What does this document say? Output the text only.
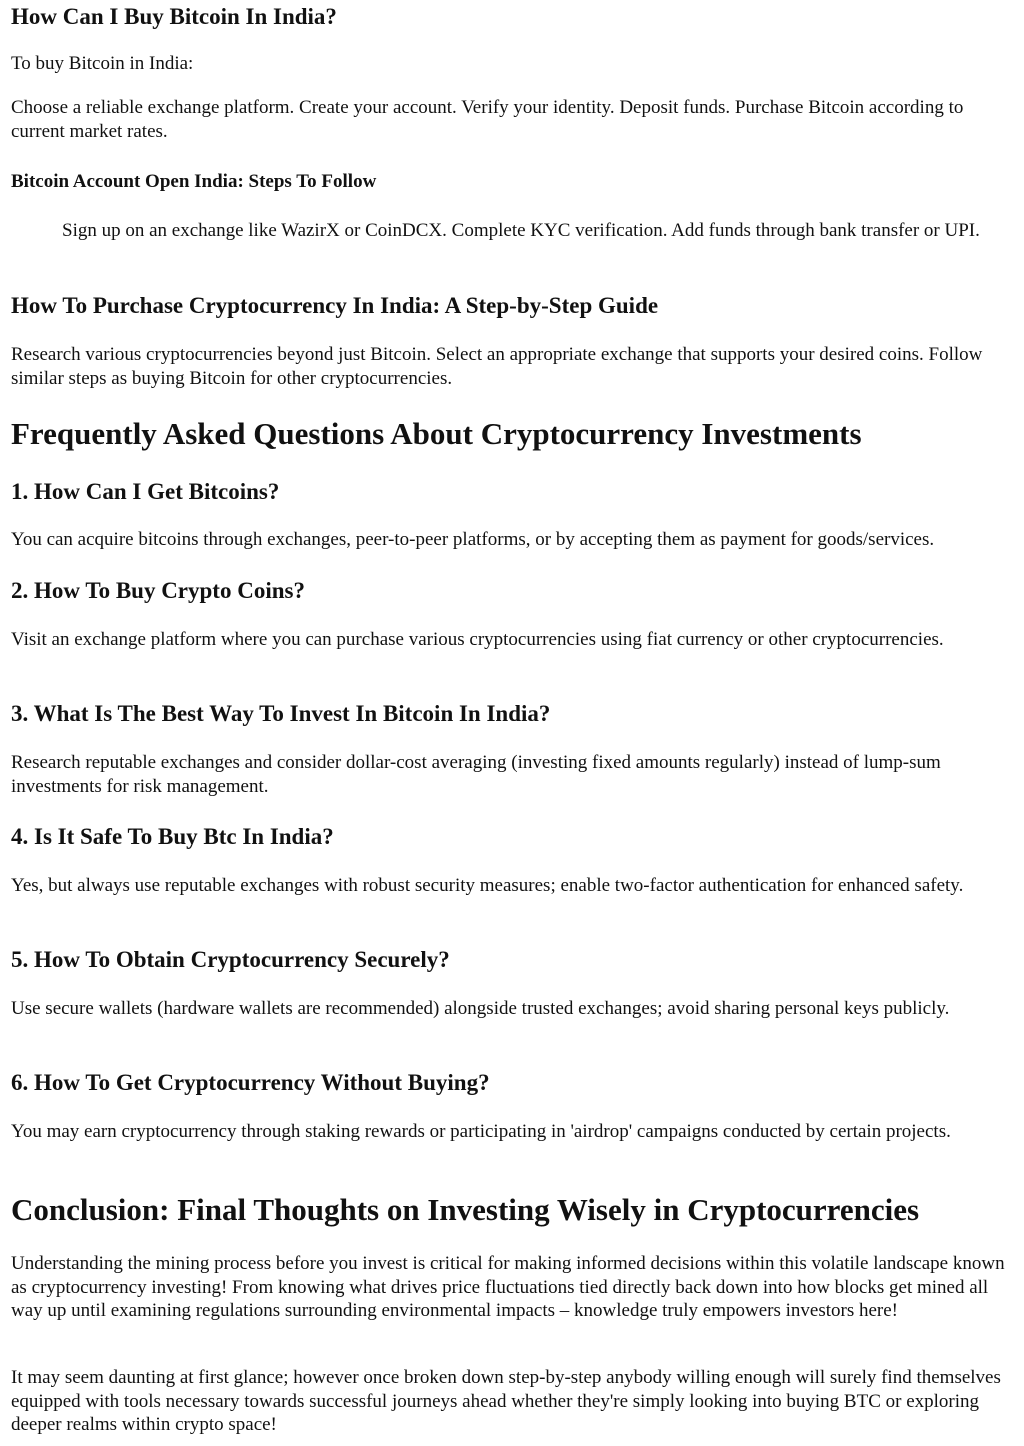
How Can I Buy Bitcoin In India?

To buy Bitcoin in India:

Choose a reliable exchange platform. Create your account. Verify your identity. Deposit funds. Purchase Bitcoin according to current market rates.

Bitcoin Account Open India: Steps To Follow

Sign up on an exchange like WazirX or CoinDCX. Complete KYC verification. Add funds through bank transfer or UPI.

How To Purchase Cryptocurrency In India: A Step-by-Step Guide

Research various cryptocurrencies beyond just Bitcoin. Select an appropriate exchange that supports your desired coins. Follow similar steps as buying Bitcoin for other cryptocurrencies.

Frequently Asked Questions About Cryptocurrency Investments
1. How Can I Get Bitcoins?

You can acquire bitcoins through exchanges, peer-to-peer platforms, or by accepting them as payment for goods/services.

2. How To Buy Crypto Coins?

Visit an exchange platform where you can purchase various cryptocurrencies using fiat currency or other cryptocurrencies.

3. What Is The Best Way To Invest In Bitcoin In India?

Research reputable exchanges and consider dollar-cost averaging (investing fixed amounts regularly) instead of lump-sum investments for risk management.

4. Is It Safe To Buy Btc In India?

Yes, but always use reputable exchanges with robust security measures; enable two-factor authentication for enhanced safety.

5. How To Obtain Cryptocurrency Securely?

Use secure wallets (hardware wallets are recommended) alongside trusted exchanges; avoid sharing personal keys publicly.

6. How To Get Cryptocurrency Without Buying?

You may earn cryptocurrency through staking rewards or participating in 'airdrop' campaigns conducted by certain projects.

Conclusion: Final Thoughts on Investing Wisely in Cryptocurrencies

Understanding the mining process before you invest is critical for making informed decisions within this volatile landscape known as cryptocurrency investing! From knowing what drives price fluctuations tied directly back down into how blocks get mined all way up until examining regulations surrounding environmental impacts – knowledge truly empowers investors here!

It may seem daunting at first glance; however once broken down step-by-step anybody willing enough will surely find themselves equipped with tools necessary towards successful journeys ahead whether they're simply looking into buying BTC or exploring deeper realms within crypto space!
